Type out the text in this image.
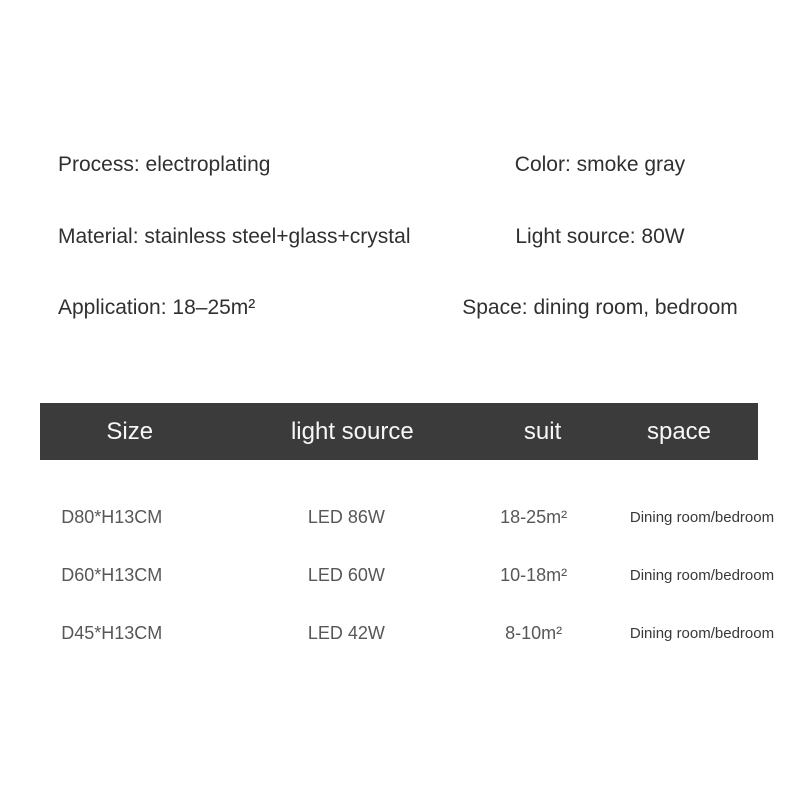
Process: electroplating	Color: smoke gray
Material: stainless steel+glass+crystal	Light source: 80W
Application: 18–25m²	Space: dining room, bedroom
Size	light source	suit	space
D80*H13CM	LED 86W	18-25m²	Dining room/bedroom
D60*H13CM	LED 60W	10-18m²	Dining room/bedroom
D45*H13CM	LED 42W	8-10m²	Dining room/bedroom
